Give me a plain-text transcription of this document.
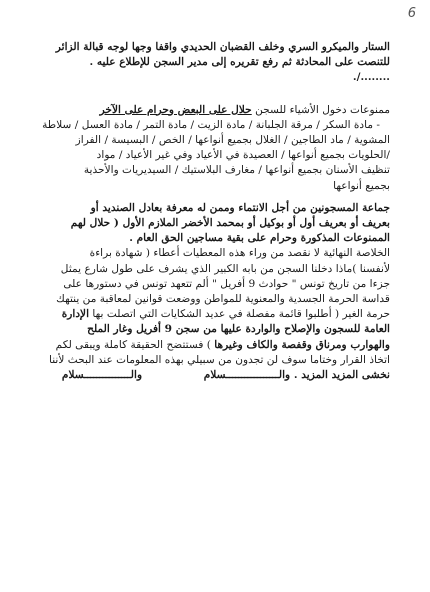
6

الستار والميكرو السري وخلف القضبان الحديدي واقفا وجها لوجه قبالة الزائر

للتنصت على المحادثة ثم رفع تقريره إلى مدير السجن للإطلاع عليه .

......../.

ممنوعات دخول الأشياء للسجن حلال على البعض وحرام على الآخر

- مادة السكر / مرقة الجلبانة / مادة الزيت / مادة التمر / مادة العسل / سلاطة

المشوية / ماد الطاجين / الغلال بجميع أنواعها / الخص / البسيسة / الفراز

/الحلويات بجميع أنواعها / العصيدة في الأعياد وفي غير الأعياد / مواد

تنظيف الأسنان بجميع أنواعها / مغارف البلاستيك / السيديريات والأحذية

بجميع أنواعها

جماعة المسجونين من أجل الانتماء وممن له معرفة بعادل الصنديد أو

بعريف أو بعريف أول أو بوكيل أو بمحمد الأخضر الملازم الأول ( حلال لهم

الممنوعات المذكورة وحرام على بقية مساجين الحق العام .

الخلاصة النهائية لا نقصد من وراء هذه المعطيات أعطاء ( شهادة براءة

لأنفسنا )ماذا دخلنا السجن من بابه الكبير الذي يشرف على طول شارع يمثل

جزءا من تاريخ تونس " حوادث 9 أفريل " ألم تتعهد تونس في دستورها على

قداسة الحرمة الجسدية والمعنوية للمواطن ووضعت قوانين لمعاقبة من ينتهك

حرمة الغير ( أطلبوا قائمة مفصلة في عديد الشكايات التي اتصلت بها الإدارة

العامة للسجون والإصلاح والواردة عليها من سجن 9 أفريل وغار الملح

والهوارب ومرناق وقفصة والكاف وغيرها ) فستتضح الحقيقة كاملة ويبقى لكم

اتخاذ القرار وختاما سوف لن تجدون من سبيلي بهذه المعلومات عند البحث لأننا

نخشى المزيد المزيد . والـــــــــــــــــسلام والـــــــــــــــسلام
